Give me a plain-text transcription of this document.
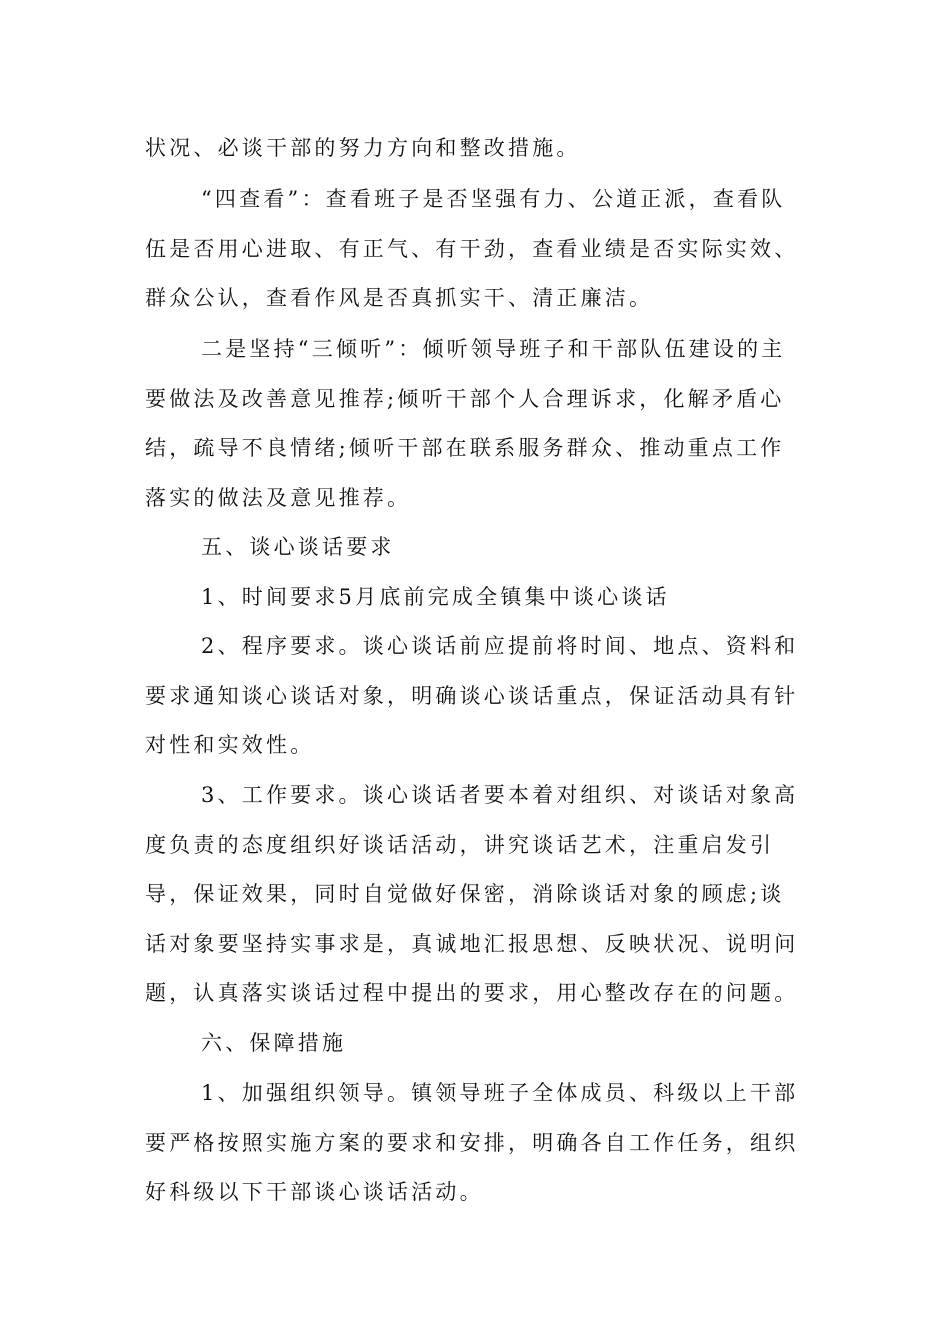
状况、必谈干部的努力方向和整改措施。

“四查看”：查看班子是否坚强有力、公道正派，查看队伍是否用心进取、有正气、有干劲，查看业绩是否实际实效、群众公认，查看作风是否真抓实干、清正廉洁。

二是坚持“三倾听”：倾听领导班子和干部队伍建设的主要做法及改善意见推荐;倾听干部个人合理诉求，化解矛盾心结，疏导不良情绪;倾听干部在联系服务群众、推动重点工作落实的做法及意见推荐。

五、谈心谈话要求

1、时间要求5月底前完成全镇集中谈心谈话

2、程序要求。谈心谈话前应提前将时间、地点、资料和要求通知谈心谈话对象，明确谈心谈话重点，保证活动具有针对性和实效性。

3、工作要求。谈心谈话者要本着对组织、对谈话对象高度负责的态度组织好谈话活动，讲究谈话艺术，注重启发引导，保证效果，同时自觉做好保密，消除谈话对象的顾虑;谈话对象要坚持实事求是，真诚地汇报思想、反映状况、说明问题，认真落实谈话过程中提出的要求，用心整改存在的问题。

六、保障措施

1、加强组织领导。镇领导班子全体成员、科级以上干部要严格按照实施方案的要求和安排，明确各自工作任务，组织好科级以下干部谈心谈话活动。
